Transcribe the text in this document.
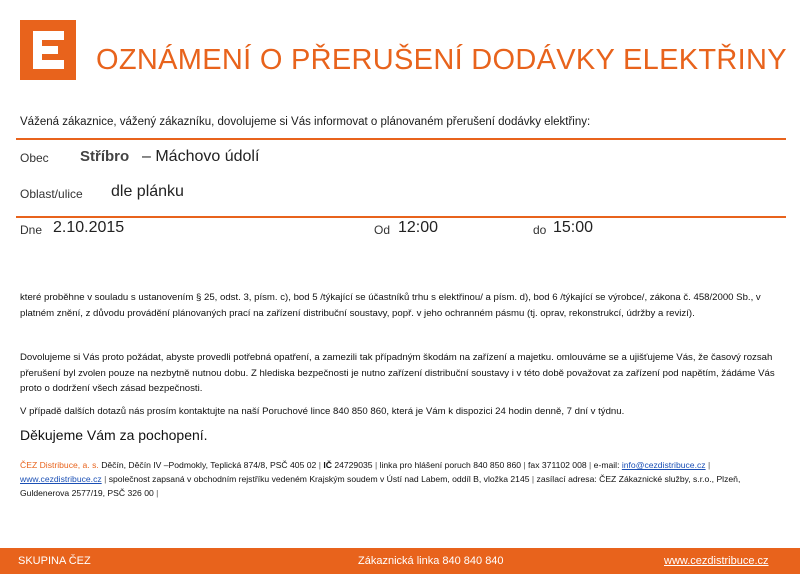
OZNÁMENÍ O PŘERUŠENÍ DODÁVKY ELEKTŘINY
Vážená zákaznice, vážený zákazníku, dovolujeme si Vás informovat o plánovaném přerušení dodávky elektřiny:
Obec Stříbro – Máchovo údolí
Oblast/ulice dle plánku
Dne 2.10.2015	Od 12:00	do 15:00
které proběhne v souladu s ustanovením § 25, odst. 3, písm. c), bod 5 /týkající se účastníků trhu s elektřinou/ a písm. d), bod 6 /týkající se výrobce/, zákona č. 458/2000 Sb., v platném znění, z důvodu provádění plánovaných prací na zařízení distribuční soustavy, popř. v jeho ochranném pásmu (tj. oprav, rekonstrukcí, údržby a revizí).
Dovolujeme si Vás proto požádat, abyste provedli potřebná opatření, a zamezili tak případným škodám na zařízení a majetku. omlouváme se a ujišťujeme Vás, že časový rozsah přerušení byl zvolen pouze na nezbytně nutnou dobu. Z hlediska bezpečnosti je nutno zařízení distribuční soustavy i v této době považovat za zařízení pod napětím, žádáme Vás proto o dodržení všech zásad bezpečnosti.
V případě dalších dotazů nás prosím kontaktujte na naší Poruchové lince 840 850 860, která je Vám k dispozici 24 hodin denně, 7 dní v týdnu.
Děkujeme Vám za pochopení.
ČEZ Distribuce, a. s. Děčín, Děčín IV –Podmokly, Teplická 874/8, PSČ 405 02 | IČ 24729035 | linka pro hlášení poruch 840 850 860 | fax 371102 008 | e-mail: info@cezdistribuce.cz | www.cezdistribuce.cz | společnost zapsaná v obchodním rejstříku vedeném Krajským soudem v Ústí nad Labem, oddíl B, vložka 2145 | zasílací adresa: ČEZ Zákaznické služby, s.r.o., Plzeň, Guldenerova 2577/19, PSČ 326 00 |
SKUPINA ČEZ	Zákaznická linka 840 840 840	www.cezdistribuce.cz
